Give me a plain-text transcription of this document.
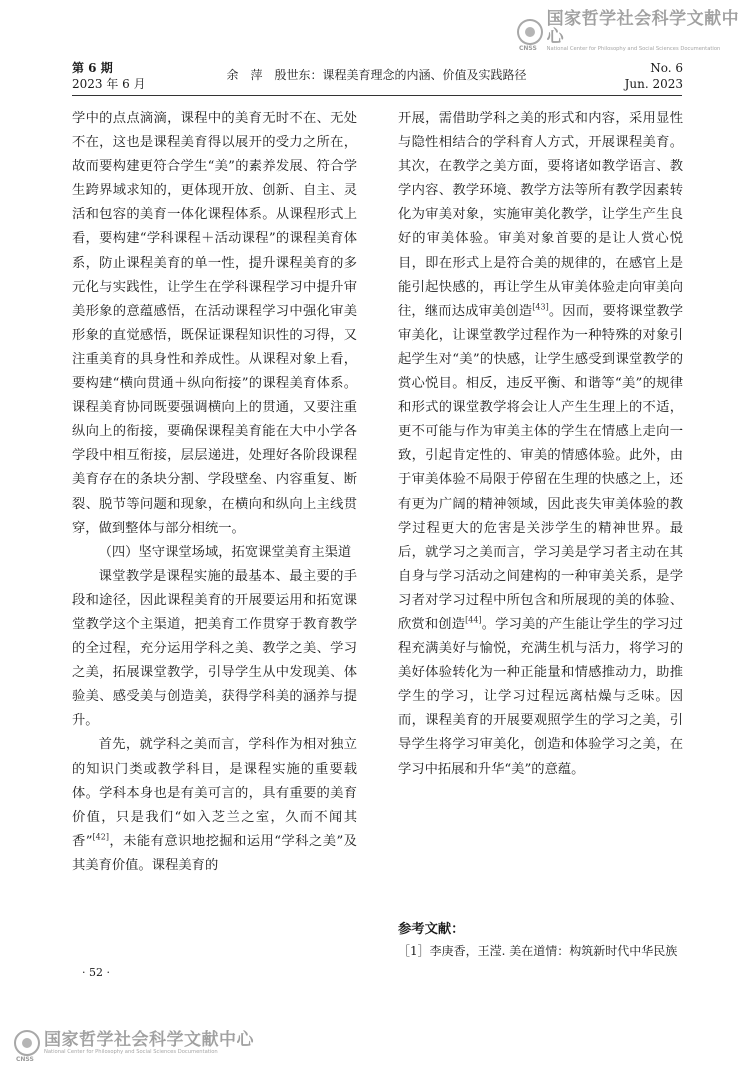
CNSS
国家哲学社会科学文献中心
National Center for Philosophy and Social Sciences Documentation
第 6 期
2023 年 6 月
余　萍　殷世东：课程美育理念的内涵、价值及实践路径	No. 6
Jun. 2023

学中的点点滴滴，课程中的美育无时不在、无处不在，这也是课程美育得以展开的受力之所在，故而要构建更符合学生“美”的素养发展、符合学生跨界域求知的，更体现开放、创新、自主、灵活和包容的美育一体化课程体系。从课程形式上看，要构建“学科课程＋活动课程”的课程美育体系，防止课程美育的单一性，提升课程美育的多元化与实践性，让学生在学科课程学习中提升审美形象的意蕴感悟，在活动课程学习中强化审美形象的直觉感悟，既保证课程知识性的习得，又注重美育的具身性和养成性。从课程对象上看，要构建“横向贯通＋纵向衔接”的课程美育体系。课程美育协同既要强调横向上的贯通，又要注重纵向上的衔接，要确保课程美育能在大中小学各学段中相互衔接，层层递进，处理好各阶段课程美育存在的条块分割、学段壁垒、内容重复、断裂、脱节等问题和现象，在横向和纵向上主线贯穿，做到整体与部分相统一。

（四）坚守课堂场域，拓宽课堂美育主渠道

课堂教学是课程实施的最基本、最主要的手段和途径，因此课程美育的开展要运用和拓宽课堂教学这个主渠道，把美育工作贯穿于教育教学的全过程，充分运用学科之美、教学之美、学习之美，拓展课堂教学，引导学生从中发现美、体验美、感受美与创造美，获得学科美的涵养与提升。

首先，就学科之美而言，学科作为相对独立的知识门类或教学科目，是课程实施的重要载体。学科本身也是有美可言的，具有重要的美育价值，只是我们“如入芝兰之室，久而不闻其香”[42]，未能有意识地挖掘和运用“学科之美”及其美育价值。课程美育的

开展，需借助学科之美的形式和内容，采用显性与隐性相结合的学科育人方式，开展课程美育。其次，在教学之美方面，要将诸如教学语言、教学内容、教学环境、教学方法等所有教学因素转化为审美对象，实施审美化教学，让学生产生良好的审美体验。审美对象首要的是让人赏心悦目，即在形式上是符合美的规律的，在感官上是能引起快感的，再让学生从审美体验走向审美向往，继而达成审美创造[43]。因而，要将课堂教学审美化，让课堂教学过程作为一种特殊的对象引起学生对“美”的快感，让学生感受到课堂教学的赏心悦目。相反，违反平衡、和谐等“美”的规律和形式的课堂教学将会让人产生生理上的不适，更不可能与作为审美主体的学生在情感上走向一致，引起肯定性的、审美的情感体验。此外，由于审美体验不局限于停留在生理的快感之上，还有更为广阔的精神领域，因此丧失审美体验的教学过程更大的危害是关涉学生的精神世界。最后，就学习之美而言，学习美是学习者主动在其自身与学习活动之间建构的一种审美关系，是学习者对学习过程中所包含和所展现的美的体验、欣赏和创造[44]。学习美的产生能让学生的学习过程充满美好与愉悦，充满生机与活力，将学习的美好体验转化为一种正能量和情感推动力，助推学生的学习，让学习过程远离枯燥与乏味。因而，课程美育的开展要观照学生的学习之美，引导学生将学习审美化，创造和体验学习之美，在学习中拓展和升华“美”的意蕴。

参考文献：
［1］李庚香，王滢. 美在道情：构筑新时代中华民族
· 52 ·
CNSS
国家哲学社会科学文献中心
National Center for Philosophy and Social Sciences Documentation
